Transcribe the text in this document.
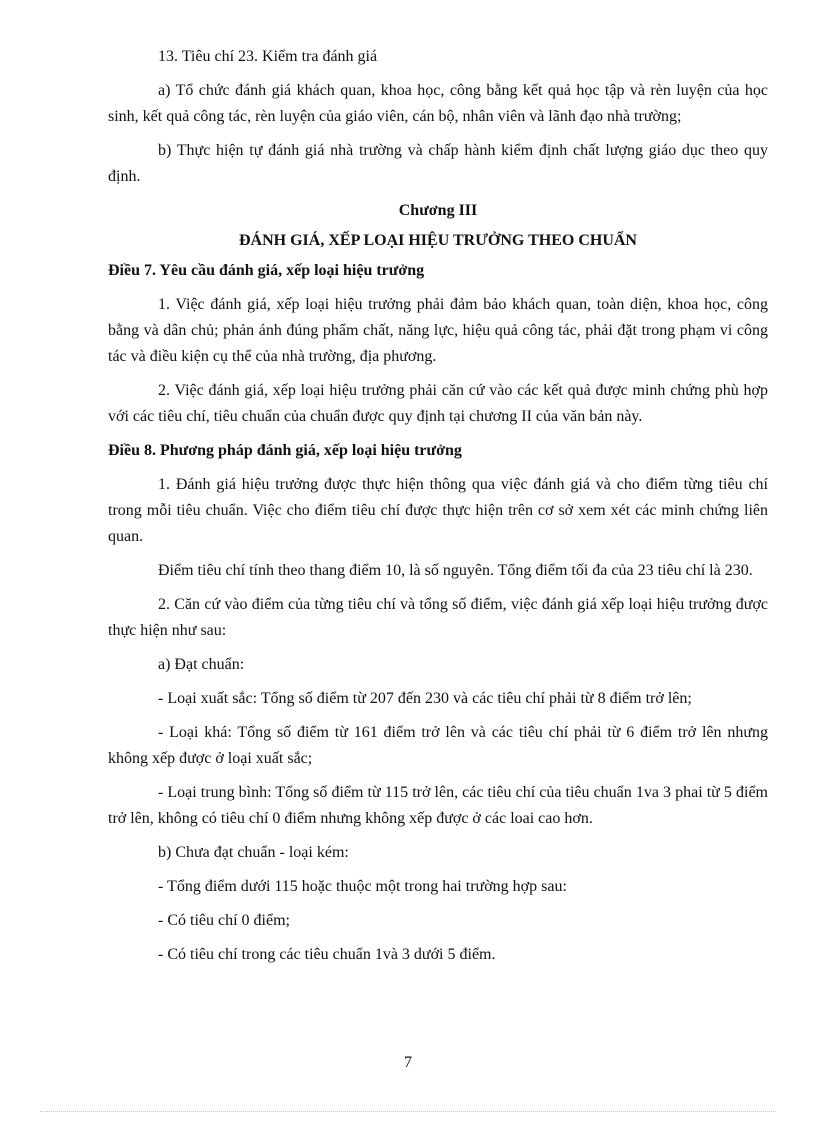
13. Tiêu chí 23. Kiểm tra đánh giá

a) Tổ chức đánh giá khách quan, khoa học, công bằng kết quả học tập và rèn luyện của học sinh, kết quả công tác, rèn luyện của giáo viên, cán bộ, nhân viên và lãnh đạo nhà trường;

b) Thực hiện tự đánh giá nhà trường và chấp hành kiểm định chất lượng giáo dục theo quy định.

Chương III

ĐÁNH GIÁ, XẾP LOẠI HIỆU TRƯỞNG THEO CHUẨN

Điều 7. Yêu cầu đánh giá, xếp loại hiệu trưởng

1. Việc đánh giá, xếp loại hiệu trưởng phải đảm bảo khách quan, toàn diện, khoa học, công bằng và dân chủ; phản ánh đúng phẩm chất, năng lực, hiệu quả công tác, phải đặt trong phạm vi công tác và điều kiện cụ thể của nhà trường, địa phương.

2. Việc đánh giá, xếp loại hiệu trưởng phải căn cứ vào các kết quả được minh chứng phù hợp với các tiêu chí, tiêu chuẩn của chuẩn được quy định tại chương II của văn bản này.

Điều 8. Phương pháp đánh giá, xếp loại hiệu trưởng

1. Đánh giá hiệu trưởng được thực hiện thông qua việc đánh giá và cho điểm từng tiêu chí trong mỗi tiêu chuẩn. Việc cho điểm tiêu chí được thực hiện trên cơ sở xem xét các minh chứng liên quan.

Điểm tiêu chí tính theo thang điểm 10, là số nguyên. Tổng điểm tối đa của 23 tiêu chí là 230.

2. Căn cứ vào điểm của từng tiêu chí và tổng số điểm, việc đánh giá xếp loại hiệu trưởng được thực hiện như sau:

a) Đạt chuẩn:

- Loại xuất sắc: Tổng số điểm từ 207 đến 230 và các tiêu chí phải từ 8 điểm trở lên;

- Loại khá: Tổng số điểm từ 161 điểm trở lên và các tiêu chí phải từ 6 điểm trở lên nhưng không xếp được ở loại xuất sắc;

- Loại trung bình: Tổng số điểm từ 115 trở lên, các tiêu chí của tiêu chuẩn 1va 3 phai từ 5 điểm trở lên, không có tiêu chí 0 điểm nhưng không xếp được ở các loai cao hơn.

b) Chưa đạt chuẩn - loại kém:

- Tổng điểm dưới 115 hoặc thuộc một trong hai trường hợp sau:

- Có tiêu chí 0 điểm;

- Có tiêu chí trong các tiêu chuẩn 1và 3 dưới 5 điểm.

7
